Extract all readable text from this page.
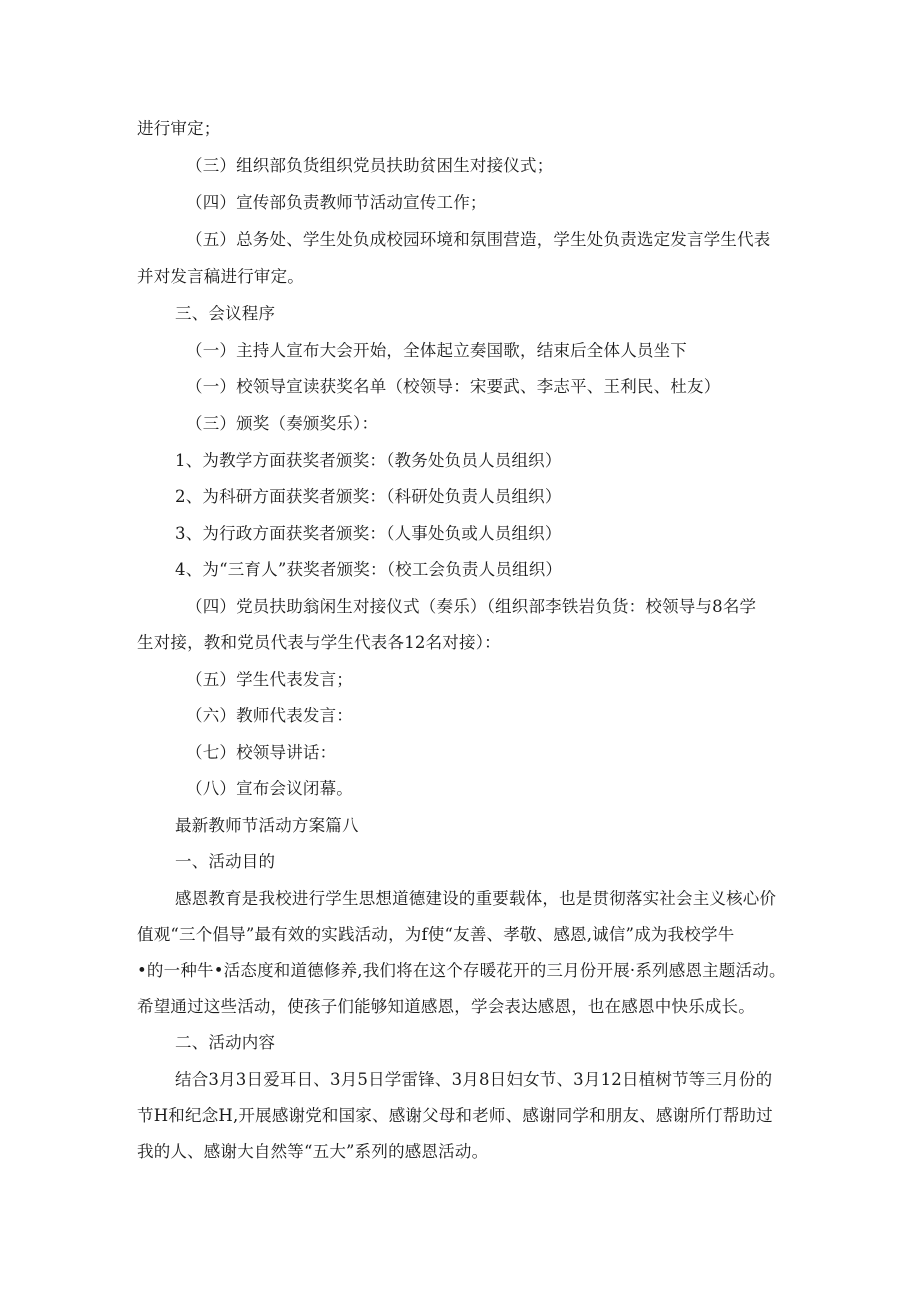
进行审定；
（三）组织部负货组织党员扶助贫困生对接仪式；
（四）宣传部负责教师节活动宣传工作；
（五）总务处、学生处负成校园环境和氛围营造，学生处负责选定发言学生代表
并对发言稿进行审定。
三、会议程序
（一）主持人宣布大会开始，全体起立奏国歌，结束后全体人员坐下
（一）校领导宣读获奖名单（校领导：宋要武、李志平、王利民、杜友）
（三）颁奖（奏颁奖乐）：
1、为教学方面获奖者颁奖：（教务处负员人员组织）
2、为科研方面获奖者颁奖：（科研处负责人员组织）
3、为行政方面获奖者颁奖：（人事处负或人员组织）
4、为“三育人”获奖者颁奖：（校工会负责人员组织）
（四）党员扶助翁闲生对接仪式（奏乐）（组织部李铁岩负货：校领导与8名学
生对接，教和党员代表与学生代表各12名对接）：
（五）学生代表发言；
（六）教师代表发言：
（七）校领导讲话：
（八）宣布会议闭幕。
最新教师节活动方案篇八
一、活动目的
感恩教育是我校进行学生思想道德建设的重要载体，也是贯彻落实社会主义核心价
值观“三个倡导”最有效的实践活动，为f使“友善、孝敬、感恩,诚信”成为我校学牛
•的一种牛•活态度和道德修养,我们将在这个存暖花开的三月份开展·系列感恩主题活动。
希望通过这些活动，使孩子们能够知道感恩，学会表达感恩，也在感恩中快乐成长。
二、活动内容
结合3月3日爱耳日、3月5日学雷锋、3月8日妇女节、3月12日植树节等三月份的
节H和纪念H,开展感谢党和国家、感谢父母和老师、感谢同学和朋友、感谢所仃帮助过
我的人、感谢大自然等“五大”系列的感恩活动。
